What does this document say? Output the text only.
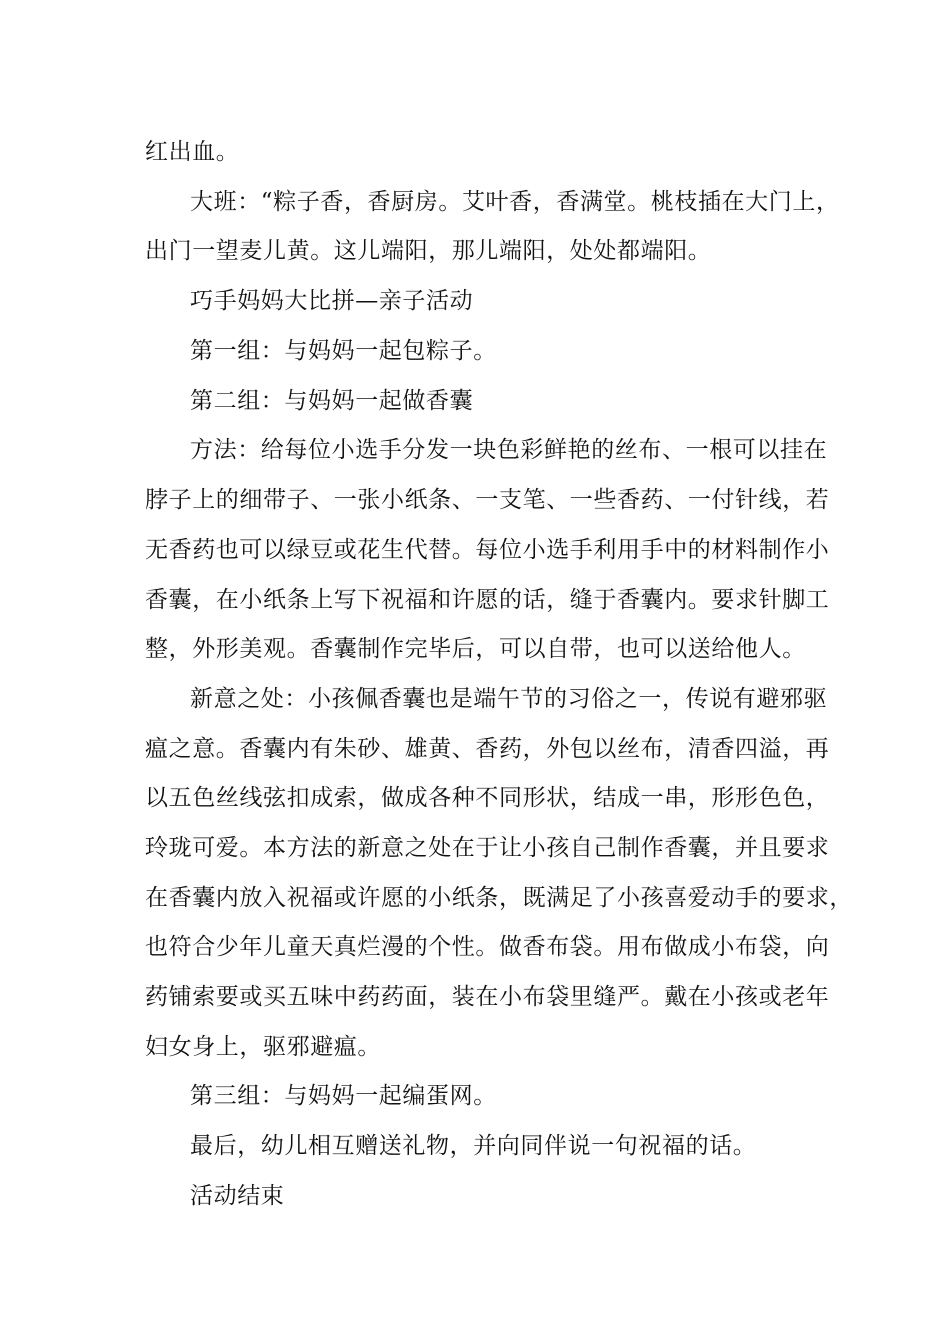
红出血。
大班：“粽子香，香厨房。艾叶香，香满堂。桃枝插在大门上，
出门一望麦儿黄。这儿端阳，那儿端阳，处处都端阳。
巧手妈妈大比拼—亲子活动
第一组：与妈妈一起包粽子。
第二组：与妈妈一起做香囊
方法：给每位小选手分发一块色彩鲜艳的丝布、一根可以挂在
脖子上的细带子、一张小纸条、一支笔、一些香药、一付针线，若
无香药也可以绿豆或花生代替。每位小选手利用手中的材料制作小
香囊，在小纸条上写下祝福和许愿的话，缝于香囊内。要求针脚工
整，外形美观。香囊制作完毕后，可以自带，也可以送给他人。
新意之处：小孩佩香囊也是端午节的习俗之一，传说有避邪驱
瘟之意。香囊内有朱砂、雄黄、香药，外包以丝布，清香四溢，再
以五色丝线弦扣成索，做成各种不同形状，结成一串，形形色色，
玲珑可爱。本方法的新意之处在于让小孩自己制作香囊，并且要求
在香囊内放入祝福或许愿的小纸条，既满足了小孩喜爱动手的要求，
也符合少年儿童天真烂漫的个性。做香布袋。用布做成小布袋，向
药铺索要或买五味中药药面，装在小布袋里缝严。戴在小孩或老年
妇女身上，驱邪避瘟。
第三组：与妈妈一起编蛋网。
最后，幼儿相互赠送礼物，并向同伴说一句祝福的话。
活动结束
